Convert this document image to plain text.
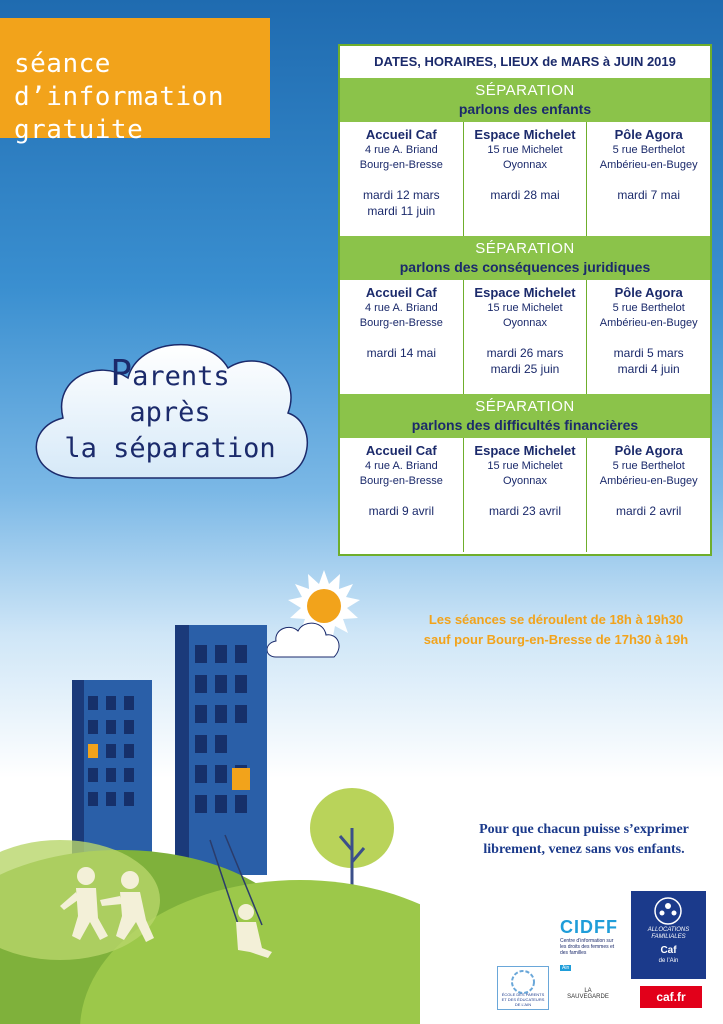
séance
d’information
gratuite
DATES, HORAIRES, LIEUX de MARS à JUIN 2019
SÉPARATION
parlons des enfants
Accueil Caf
4 rue A. Briand
Bourg-en-Bresse
mardi 12 mars
mardi 11 juin
Espace Michelet
15 rue Michelet
Oyonnax
mardi 28 mai
Pôle Agora
5 rue Berthelot
Ambérieu-en-Bugey
mardi 7 mai
SÉPARATION
parlons des conséquences juridiques
Accueil Caf
4 rue A. Briand
Bourg-en-Bresse
mardi 14 mai
Espace Michelet
15 rue Michelet
Oyonnax
mardi 26 mars
mardi 25 juin
Pôle Agora
5 rue Berthelot
Ambérieu-en-Bugey
mardi 5 mars
mardi 4 juin
SÉPARATION
parlons des difficultés financières
Accueil Caf
4 rue A. Briand
Bourg-en-Bresse
mardi 9 avril
Espace Michelet
15 rue Michelet
Oyonnax
mardi 23 avril
Pôle Agora
5 rue Berthelot
Ambérieu-en-Bugey
mardi 2 avril
Parents
après
la séparation
Les séances se déroulent de 18h à 19h30
sauf pour Bourg-en-Bresse de 17h30 à 19h
Pour que chacun puisse s’exprimer
librement, venez sans vos enfants.
CIDFF
Centre d’information sur les droits des femmes et des familles
Ain
ALLOCATIONS FAMILIALES
Caf
de l’Ain
caf.fr
ÉCOLE DES PARENTS ET DES ÉDUCATEURS DE L’AIN
LA SAUVEGARDE
